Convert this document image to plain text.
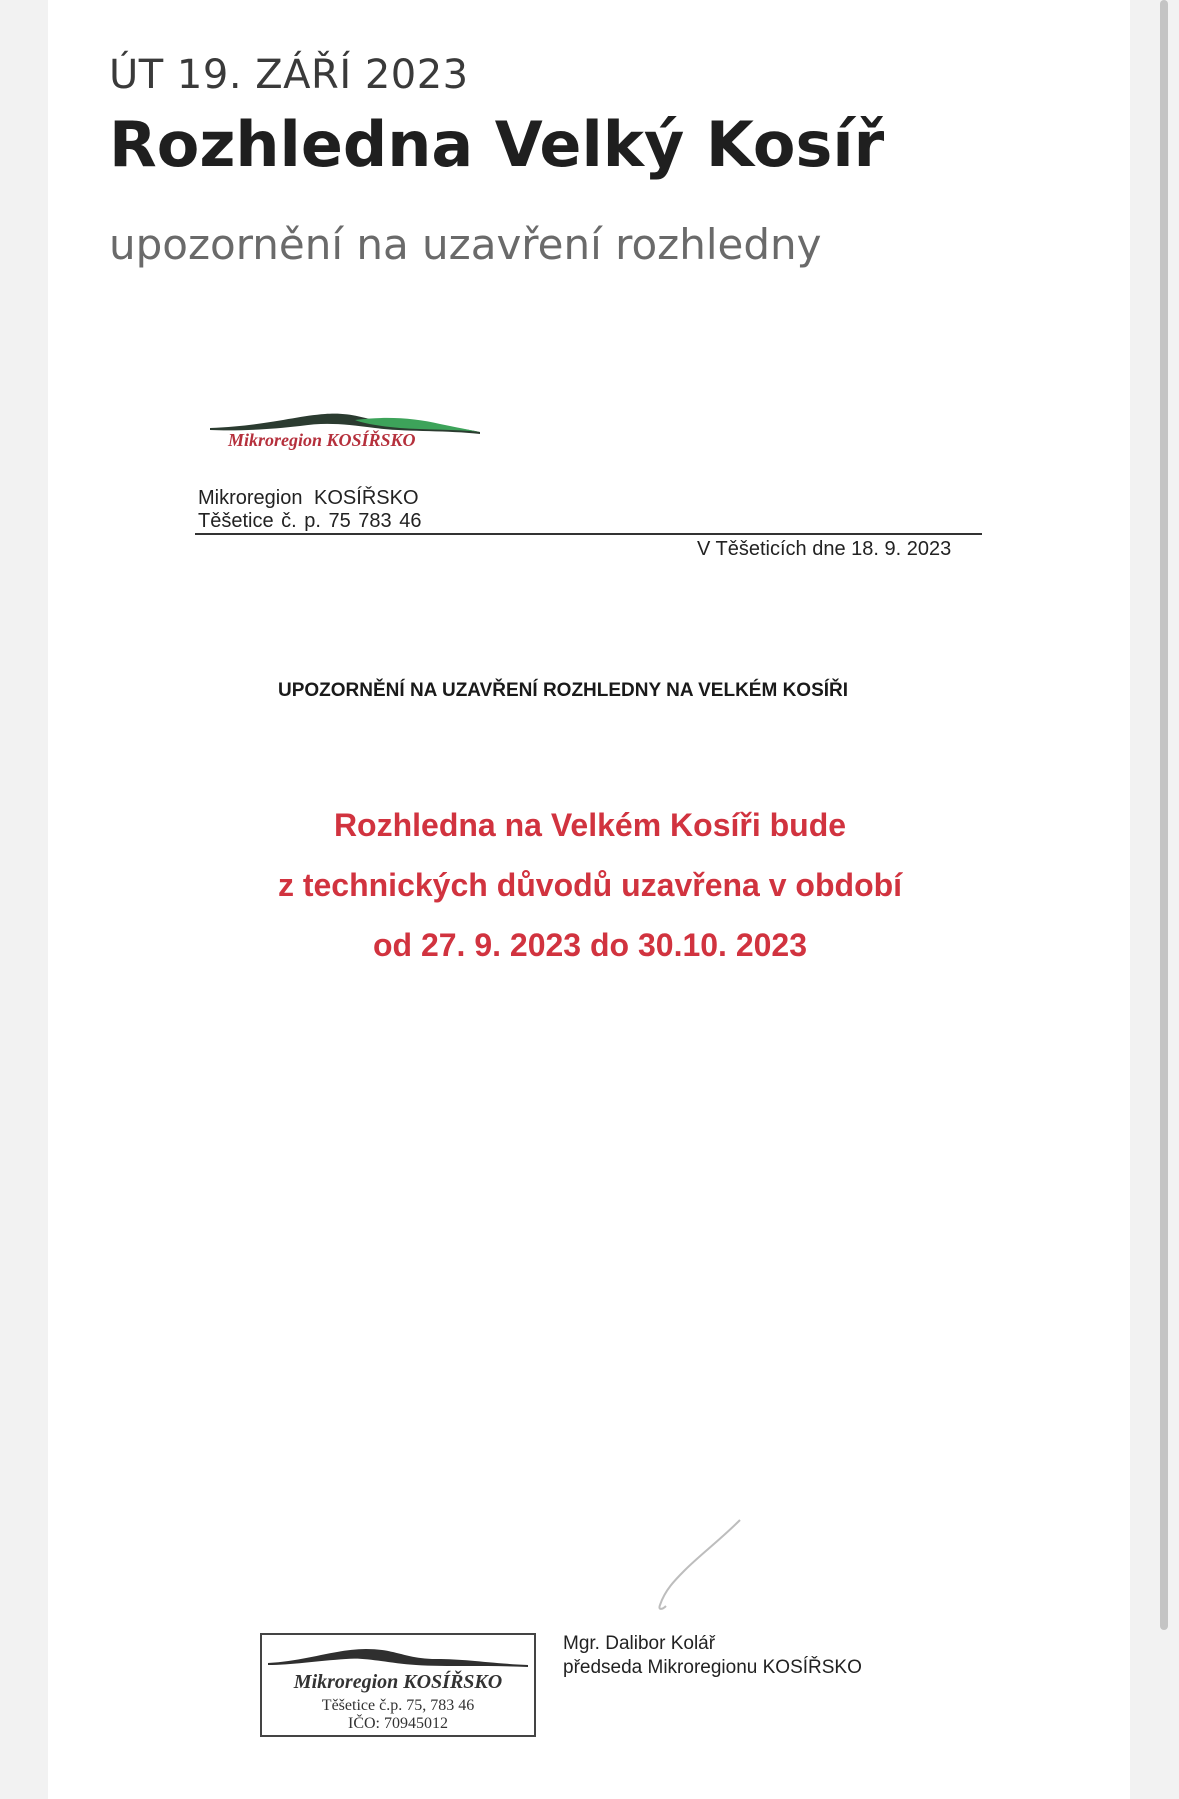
ÚT 19. ZÁŘÍ 2023
Rozhledna Velký Kosíř
upozornění na uzavření rozhledny
Mikroregion KOSÍŘSKO
Mikroregion KOSÍŘSKO
Těšetice č. p. 75 783 46
V Těšeticích dne 18. 9. 2023
UPOZORNĚNÍ NA UZAVŘENÍ ROZHLEDNY NA VELKÉM KOSÍŘI
Rozhledna na Velkém Kosíři bude
z technických důvodů uzavřena v období
od 27. 9. 2023 do 30.10. 2023
Mikroregion KOSÍŘSKO
Těšetice č.p. 75, 783 46
IČO: 70945012
Mgr. Dalibor Kolář
předseda Mikroregionu KOSÍŘSKO
